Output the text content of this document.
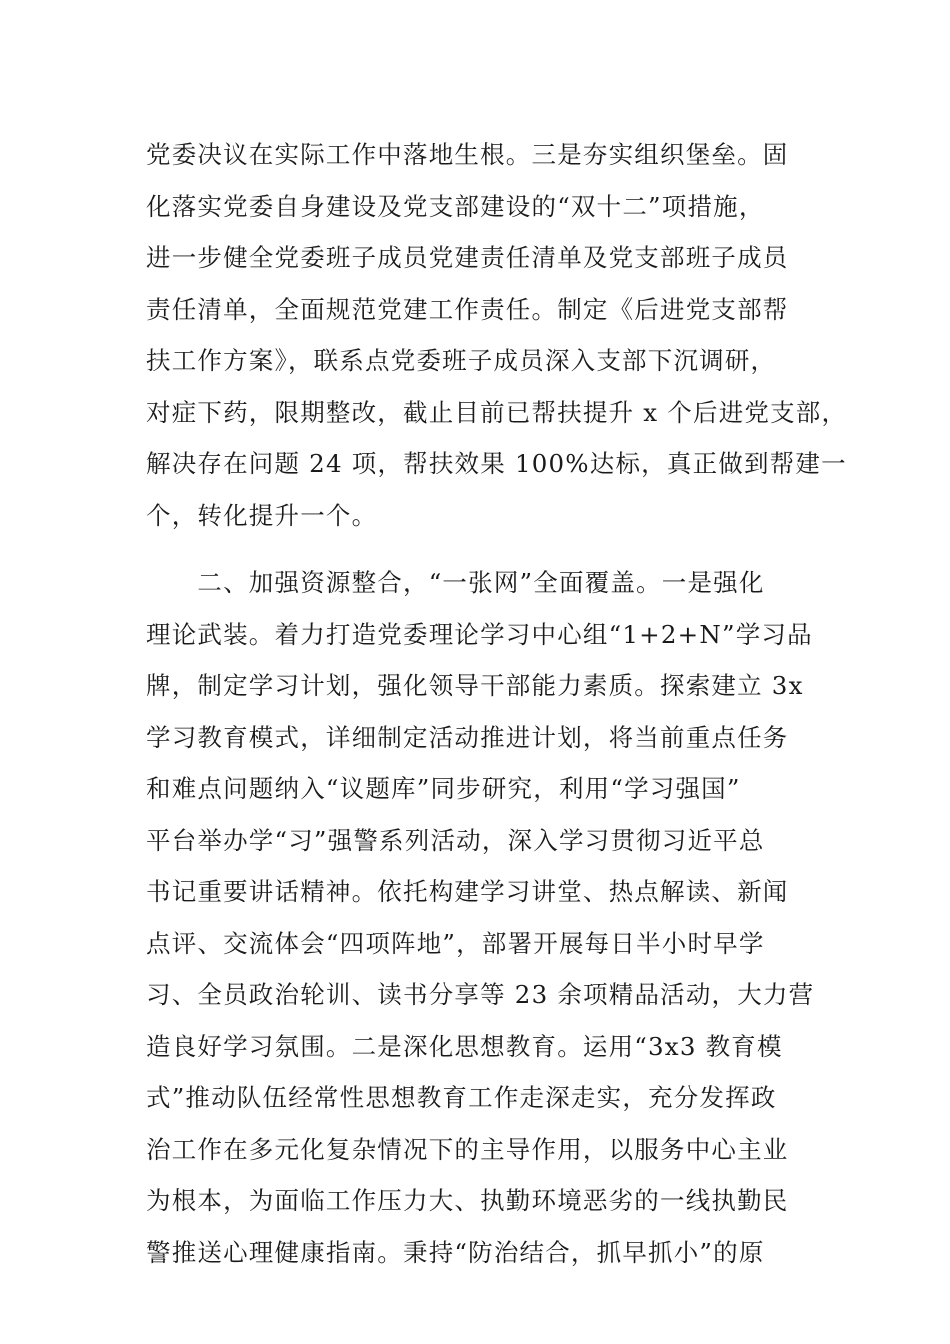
党委决议在实际工作中落地生根。三是夯实组织堡垒。固
化落实党委自身建设及党支部建设的“双十二”项措施，
进一步健全党委班子成员党建责任清单及党支部班子成员
责任清单，全面规范党建工作责任。制定《后进党支部帮
扶工作方案》，联系点党委班子成员深入支部下沉调研，
对症下药，限期整改，截止目前已帮扶提升 x 个后进党支部，
解决存在问题 24 项，帮扶效果 100%达标，真正做到帮建一
个，转化提升一个。
　　二、加强资源整合，“一张网”全面覆盖。一是强化
理论武装。着力打造党委理论学习中心组“1+2+N”学习品
牌，制定学习计划，强化领导干部能力素质。探索建立 3x
学习教育模式，详细制定活动推进计划，将当前重点任务
和难点问题纳入“议题库”同步研究，利用“学习强国”
平台举办学“习”强警系列活动，深入学习贯彻习近平总
书记重要讲话精神。依托构建学习讲堂、热点解读、新闻
点评、交流体会“四项阵地”，部署开展每日半小时早学
习、全员政治轮训、读书分享等 23 余项精品活动，大力营
造良好学习氛围。二是深化思想教育。运用“3x3 教育模
式”推动队伍经常性思想教育工作走深走实，充分发挥政
治工作在多元化复杂情况下的主导作用，以服务中心主业
为根本，为面临工作压力大、执勤环境恶劣的一线执勤民
警推送心理健康指南。秉持“防治结合，抓早抓小”的原
